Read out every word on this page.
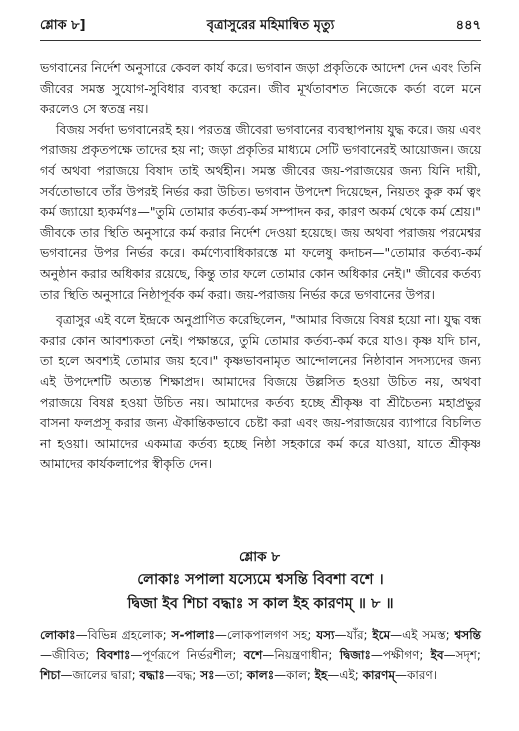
শ্লোক ৮]	বৃত্রাসুরের মহিমান্বিত মৃত্যু	৪৪৭

ভগবানের নির্দেশ অনুসারে কেবল কার্য করে। ভগবান জড়া প্রকৃতিকে আদেশ দেন এবং তিনি জীবের সমস্ত সুযোগ-সুবিধার ব্যবস্থা করেন। জীব মূর্খতাবশত নিজেকে কর্তা বলে মনে করলেও সে স্বতন্ত্র নয়।

বিজয় সর্বদা ভগবানেরই হয়। পরতন্ত্র জীবেরা ভগবানের ব্যবস্থাপনায় যুদ্ধ করে। জয় এবং পরাজয় প্রকৃতপক্ষে তাদের হয় না; জড়া প্রকৃতির মাধ্যমে সেটি ভগবানেরই আয়োজন। জয়ে গর্ব অথবা পরাজয়ে বিষাদ তাই অর্থহীন। সমস্ত জীবের জয়-পরাজয়ের জন্য যিনি দায়ী, সর্বতোভাবে তাঁর উপরই নির্ভর করা উচিত। ভগবান উপদেশ দিয়েছেন, নিয়তং কুরু কর্ম ত্বং কর্ম জ্যায়ো হ্যকর্মণঃ—"তুমি তোমার কর্তব্য-কর্ম সম্পাদন কর, কারণ অকর্ম থেকে কর্ম শ্রেয়।" জীবকে তার স্থিতি অনুসারে কর্ম করার নির্দেশ দেওয়া হয়েছে। জয় অথবা পরাজয় পরমেশ্বর ভগবানের উপর নির্ভর করে। কর্মণ্যেবাধিকারস্তে মা ফলেষু কদাচন—"তোমার কর্তব্য-কর্ম অনুষ্ঠান করার অধিকার রয়েছে, কিন্তু তার ফলে তোমার কোন অধিকার নেই।" জীবের কর্তব্য তার স্থিতি অনুসারে নিষ্ঠাপূর্বক কর্ম করা। জয়-পরাজয় নির্ভর করে ভগবানের উপর।

বৃত্রাসুর এই বলে ইন্দ্রকে অনুপ্রাণিত করেছিলেন, "আমার বিজয়ে বিষণ্ণ হয়ো না। যুদ্ধ বন্ধ করার কোন আবশ্যকতা নেই। পক্ষান্তরে, তুমি তোমার কর্তব্য-কর্ম করে যাও। কৃষ্ণ যদি চান, তা হলে অবশ্যই তোমার জয় হবে।" কৃষ্ণভাবনামৃত আন্দোলনের নিষ্ঠাবান সদস্যদের জন্য এই উপদেশটি অত্যন্ত শিক্ষাপ্রদ। আমাদের বিজয়ে উল্লসিত হওয়া উচিত নয়, অথবা পরাজয়ে বিষণ্ণ হওয়া উচিত নয়। আমাদের কর্তব্য হচ্ছে শ্রীকৃষ্ণ বা শ্রীচৈতন্য মহাপ্রভুর বাসনা ফলপ্রসূ করার জন্য ঐকান্তিকভাবে চেষ্টা করা এবং জয়-পরাজয়ের ব্যাপারে বিচলিত না হওয়া। আমাদের একমাত্র কর্তব্য হচ্ছে নিষ্ঠা সহকারে কর্ম করে যাওয়া, যাতে শ্রীকৃষ্ণ আমাদের কার্যকলাপের স্বীকৃতি দেন।

শ্লোক ৮
লোকাঃ সপালা যস্যেমে শ্বসন্তি বিবশা বশে ।
দ্বিজা ইব শিচা বদ্ধাঃ স কাল ইহ কারণম্ ॥ ৮ ॥
লোকাঃ—বিভিন্ন গ্রহলোক; স-পালাঃ—লোকপালগণ সহ; যস্য—যাঁর; ইমে—এই সমস্ত; শ্বসন্তি—জীবিত; বিবশাঃ—পূর্ণরূপে নির্ভরশীল; বশে—নিয়ন্ত্রণাধীন; দ্বিজাঃ—পক্ষীগণ; ইব—সদৃশ; শিচা—জালের দ্বারা; বদ্ধাঃ—বদ্ধ; সঃ—তা; কালঃ—কাল; ইহ—এই; কারণম্—কারণ।
